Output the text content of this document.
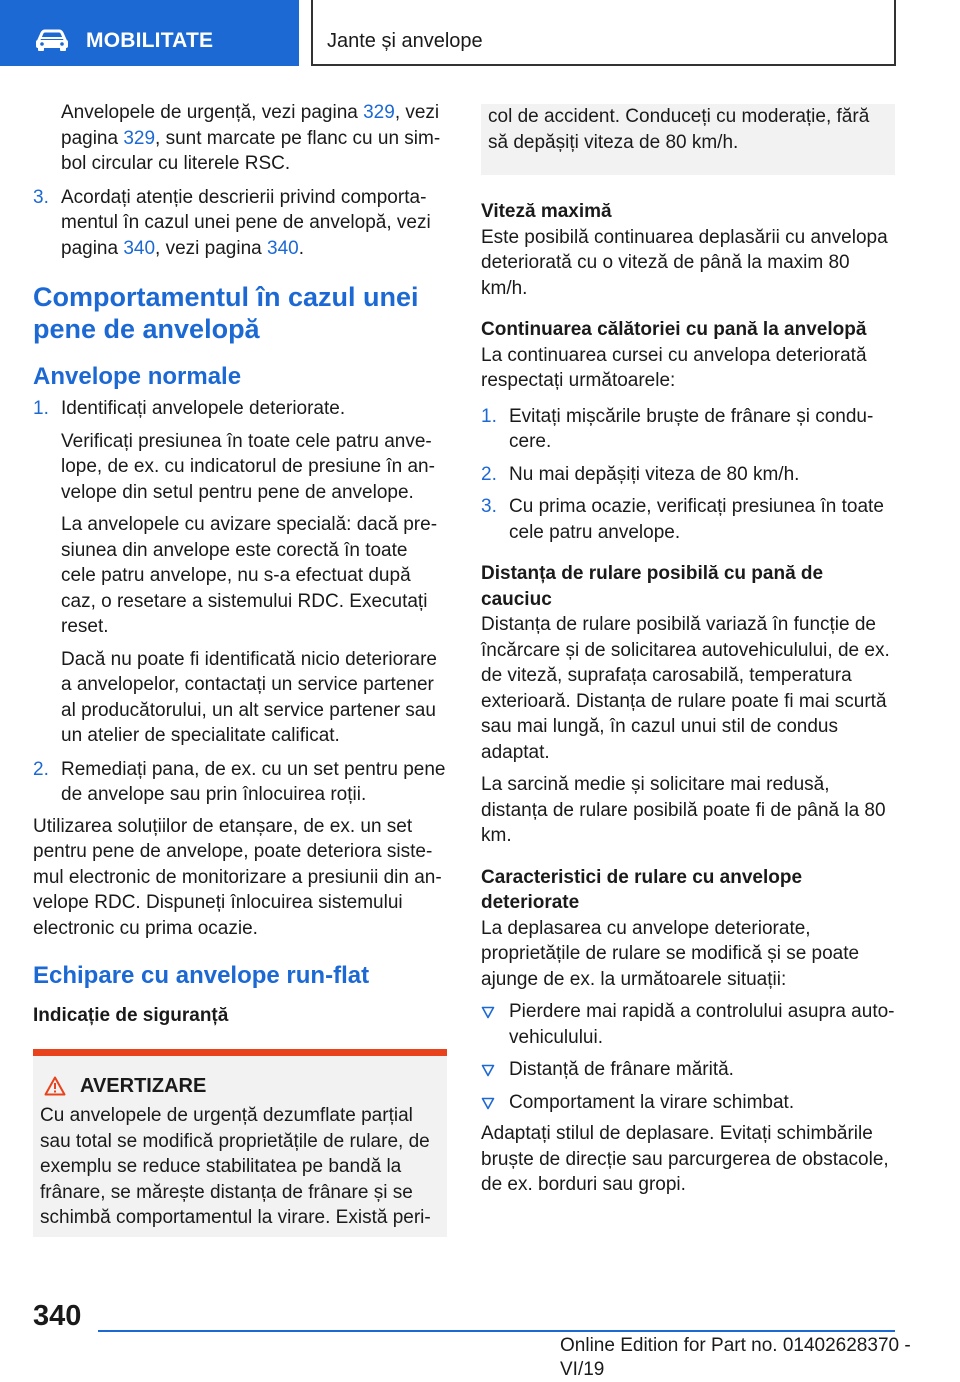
MOBILITATE	Jante și anvelope

Anvelopele de urgență, vezi pagina 329, vezi pagina 329, sunt marcate pe flanc cu un simbol circular cu literele RSC.

3. Acordați atenție descrierii privind comportamentul în cazul unei pene de anvelopă, vezi pagina 340, vezi pagina 340.

Comportamentul în cazul unei pene de anvelopă
Anvelope normale
1. Identificați anvelopele deteriorate.

Verificați presiunea în toate cele patru anvelope, de ex. cu indicatorul de presiune în anvelope din setul pentru pene de anvelope.

La anvelopele cu avizare specială: dacă presiunea din anvelope este corectă în toate cele patru anvelope, nu s-a efectuat după caz, o resetare a sistemului RDC. Executați reset.

Dacă nu poate fi identificată nicio deteriorare a anvelopelor, contactați un service partener al producătorului, un alt service partener sau un atelier de specialitate calificat.

2. Remediați pana, de ex. cu un set pentru pene de anvelope sau prin înlocuirea roții.

Utilizarea soluțiilor de etanșare, de ex. un set pentru pene de anvelope, poate deteriora sistemul electronic de monitorizare a presiunii din anvelope RDC. Dispuneți înlocuirea sistemului electronic cu prima ocazie.

Echipare cu anvelope run-flat

Indicație de siguranță

AVERTIZARE

Cu anvelopele de urgență dezumflate parțial sau total se modifică proprietățile de rulare, de exemplu se reduce stabilitatea pe bandă la frânare, se mărește distanța de frânare și se schimbă comportamentul la virare. Există peri-

col de accident. Conduceți cu moderație, fără să depășiți viteza de 80 km/h.

Viteză maximă

Este posibilă continuarea deplasării cu anvelopa deteriorată cu o viteză de până la maxim 80 km/h.

Continuarea călătoriei cu pană la anvelopă

La continuarea cursei cu anvelopa deteriorată respectați următoarele:

1. Evitați mișcările bruște de frânare și conducere.

2. Nu mai depășiți viteza de 80 km/h.

3. Cu prima ocazie, verificați presiunea în toate cele patru anvelope.

Distanța de rulare posibilă cu pană de cauciuc

Distanța de rulare posibilă variază în funcție de încărcare și de solicitarea autovehiculului, de ex. de viteză, suprafața carosabilă, temperatura exterioară. Distanța de rulare poate fi mai scurtă sau mai lungă, în cazul unui stil de condus adaptat.

La sarcină medie și solicitare mai redusă, distanța de rulare posibilă poate fi de până la 80 km.

Caracteristici de rulare cu anvelope deteriorate

La deplasarea cu anvelope deteriorate, proprietățile de rulare se modifică și se poate ajunge de ex. la următoarele situații:

Pierdere mai rapidă a controlului asupra autovehiculului.

Distanță de frânare mărită.

Comportament la virare schimbat.

Adaptați stilul de deplasare. Evitați schimbările bruște de direcție sau parcurgerea de obstacole, de ex. borduri sau gropi.

340
Online Edition for Part no. 01402628370 - VI/19
